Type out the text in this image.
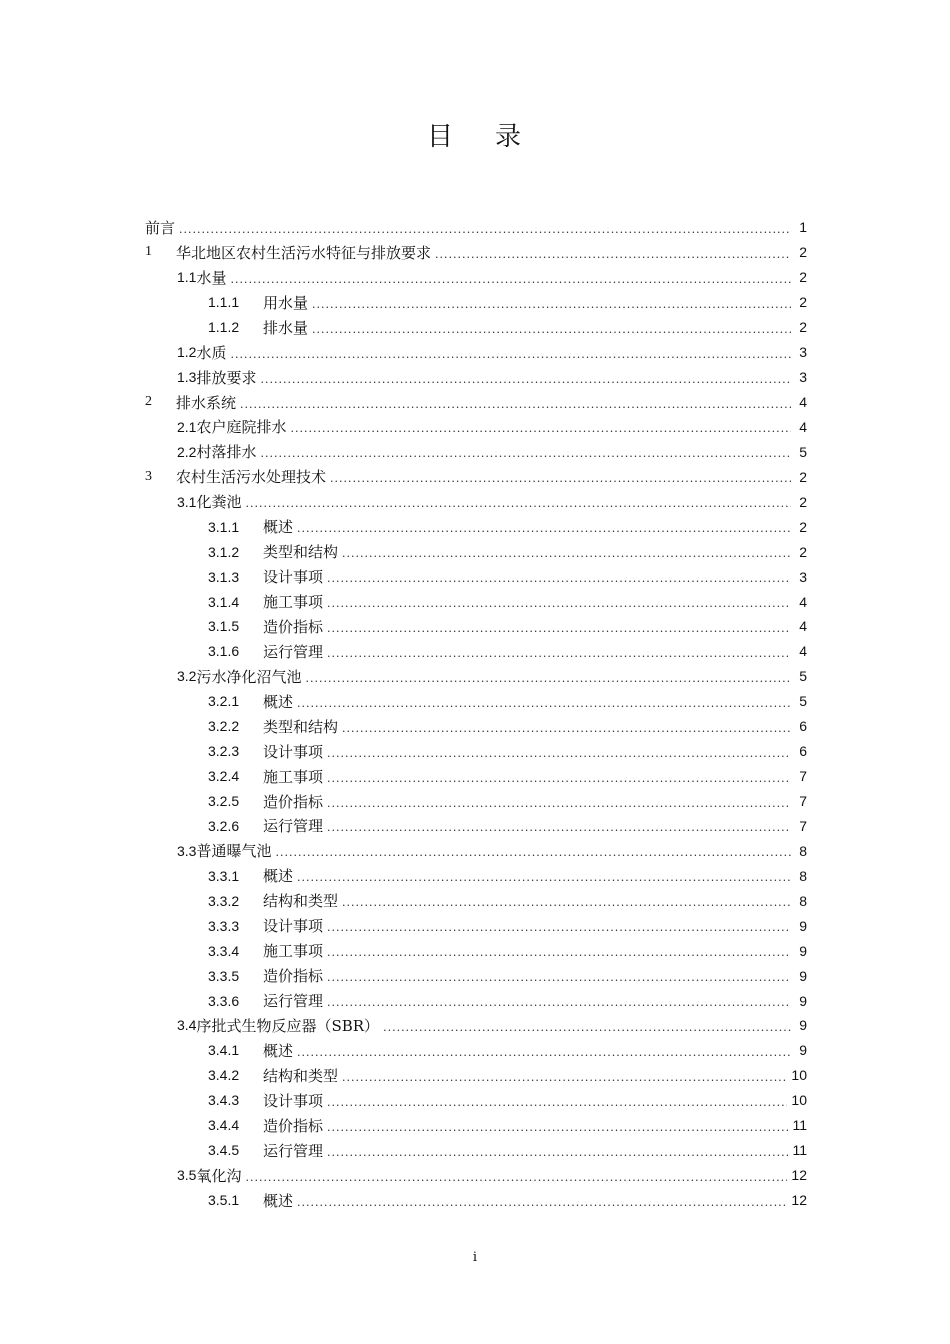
目 录
前言 .....	1
1	华北地区农村生活污水特征与排放要求 .....	2
1.1 水量 .....	2
1.1.1	用水量 .....	2
1.1.2	排水量 .....	2
1.2 水质 .....	3
1.3 排放要求 .....	3
2	排水系统 .....	4
2.1 农户庭院排水 .....	4
2.2 村落排水 .....	5
3	农村生活污水处理技术 .....	2
3.1 化粪池 .....	2
3.1.1	概述 .....	2
3.1.2	类型和结构 .....	2
3.1.3	设计事项 .....	3
3.1.4	施工事项 .....	4
3.1.5	造价指标 .....	4
3.1.6	运行管理 .....	4
3.2 污水净化沼气池 .....	5
3.2.1	概述 .....	5
3.2.2	类型和结构 .....	6
3.2.3	设计事项 .....	6
3.2.4	施工事项 .....	7
3.2.5	造价指标 .....	7
3.2.6	运行管理 .....	7
3.3 普通曝气池 .....	8
3.3.1	概述 .....	8
3.3.2	结构和类型 .....	8
3.3.3	设计事项 .....	9
3.3.4	施工事项 .....	9
3.3.5	造价指标 .....	9
3.3.6	运行管理 .....	9
3.4 序批式生物反应器（SBR） .....	9
3.4.1	概述 .....	9
3.4.2	结构和类型 .....	10
3.4.3	设计事项 .....	10
3.4.4	造价指标 .....	11
3.4.5	运行管理 .....	11
3.5 氧化沟 .....	12
3.5.1	概述 .....	12
i
